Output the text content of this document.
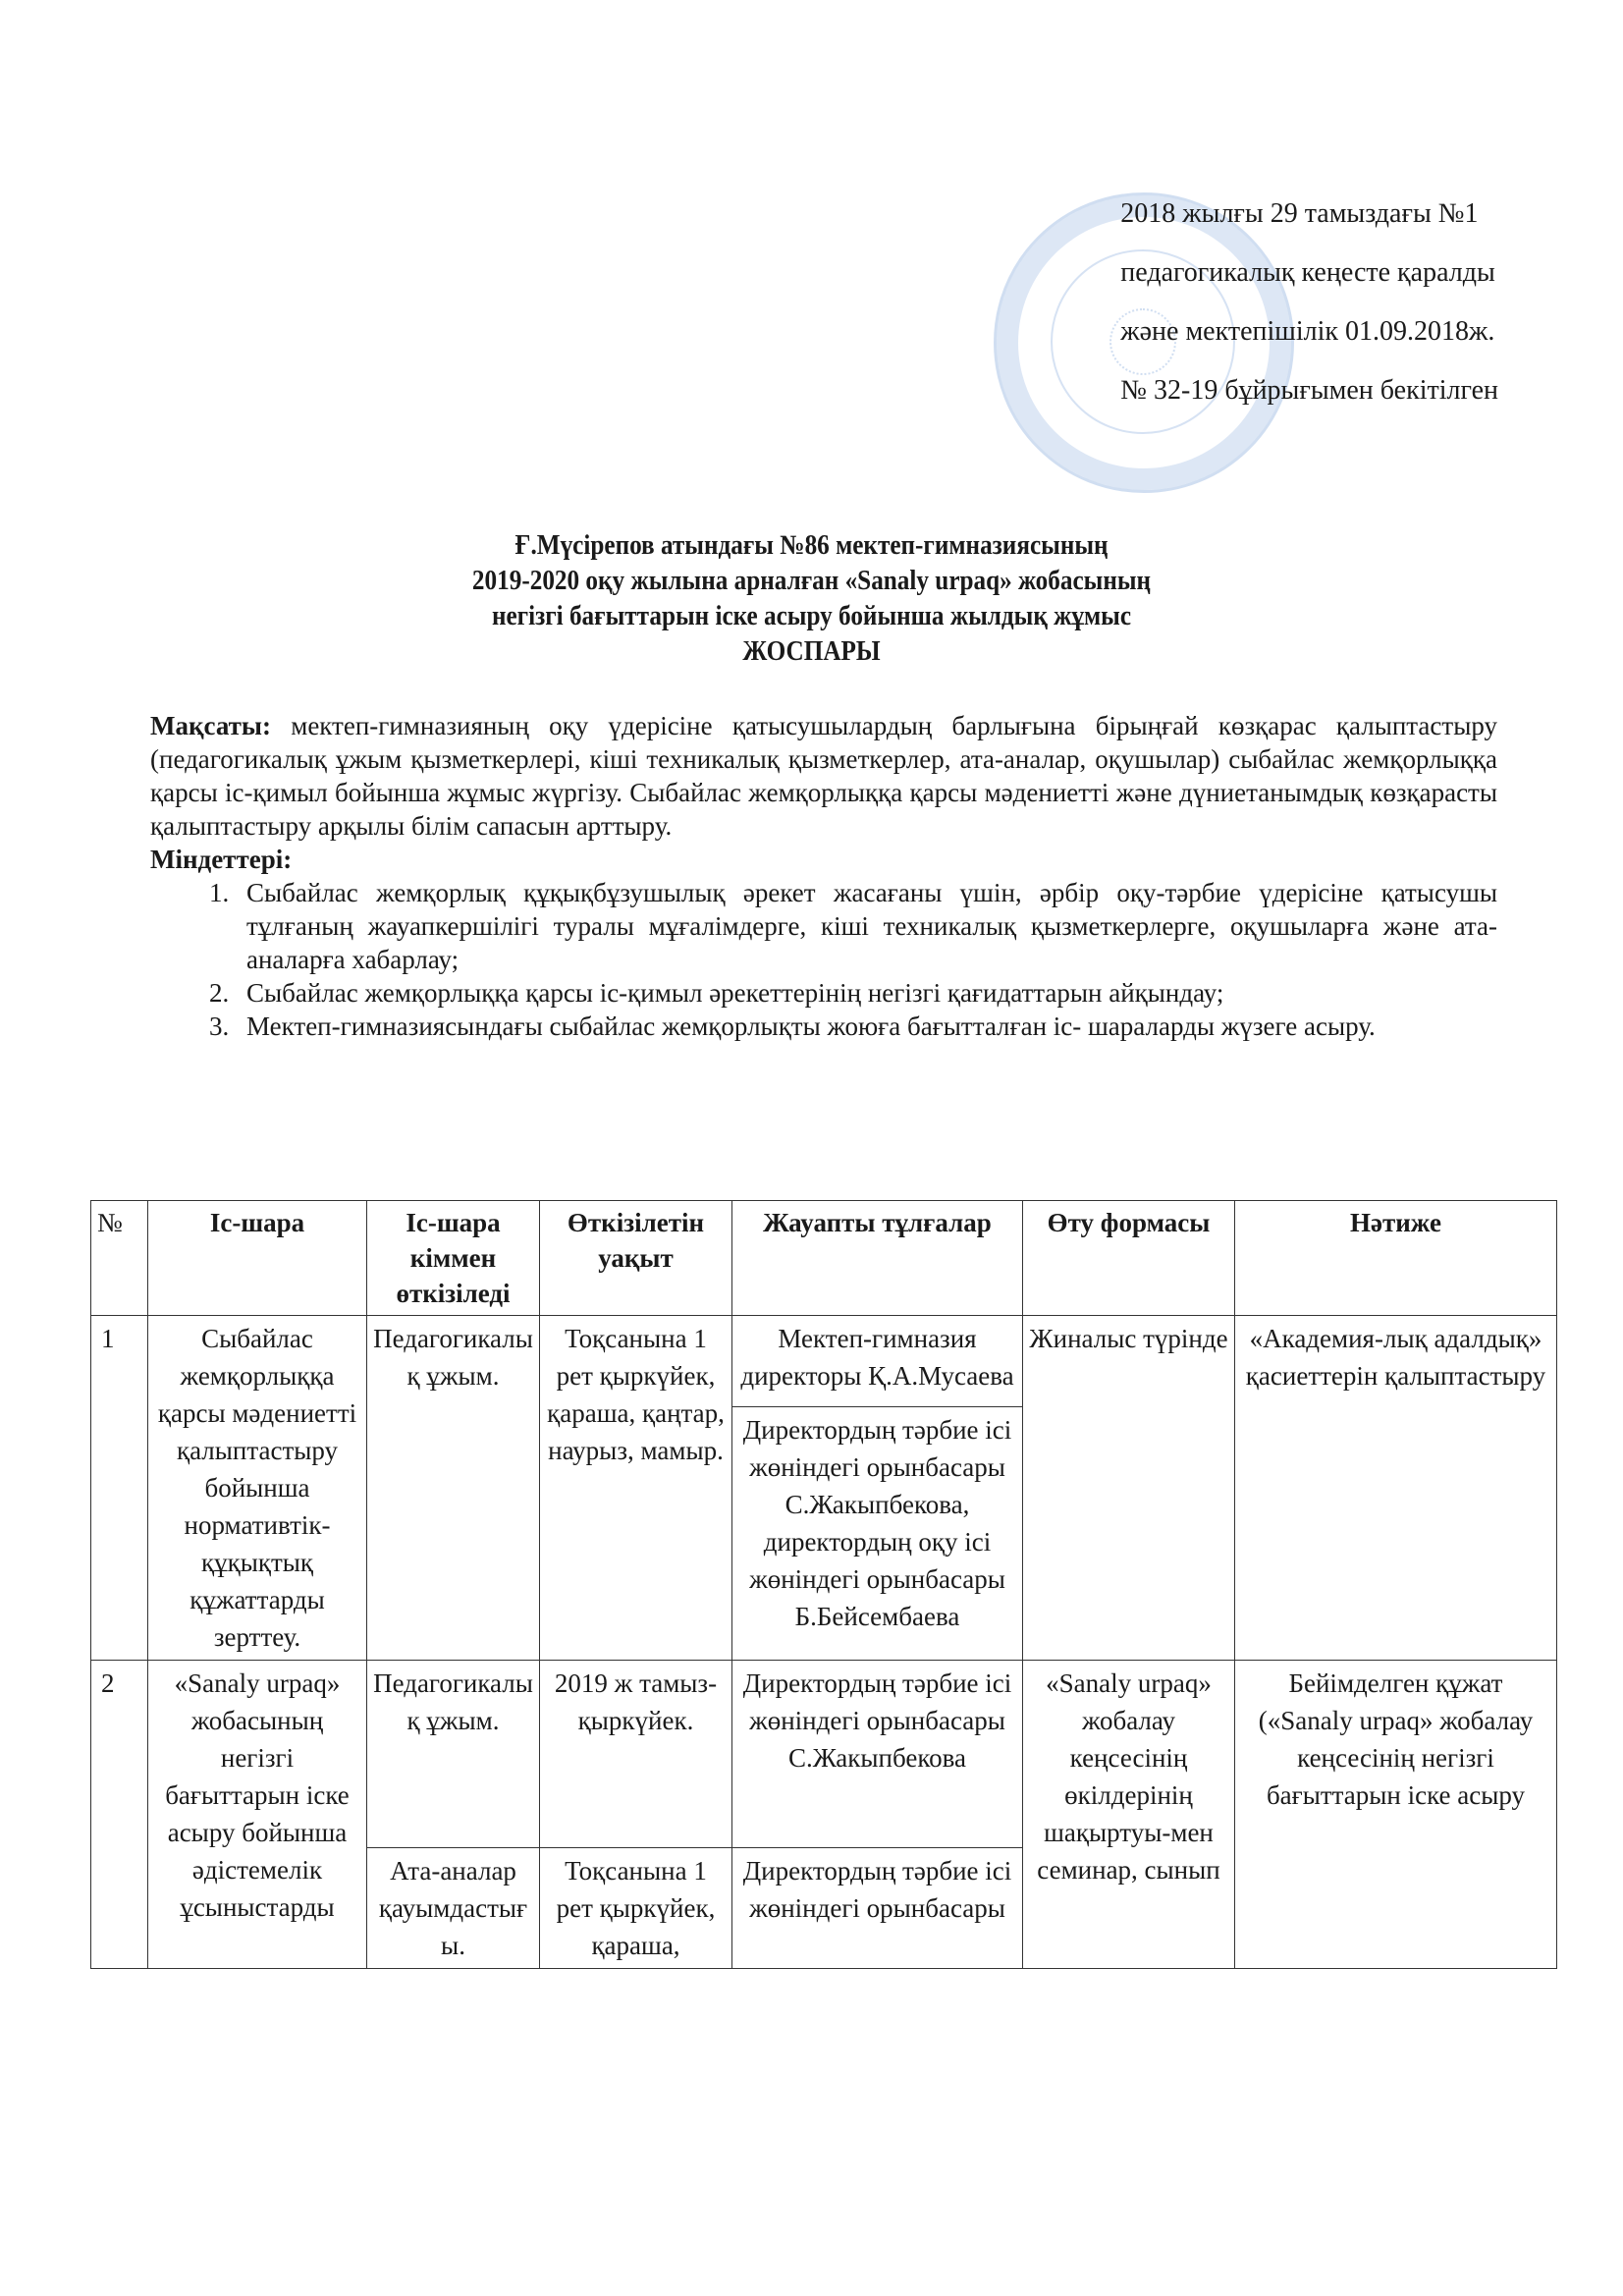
2018 жылғы 29 тамыздағы №1
педагогикалық кеңесте қаралды
және мектепішілік 01.09.2018ж.
№ 32-19 бұйрығымен бекітілген
Ғ.Мүсірепов атындағы №86 мектеп-гимназиясының
2019-2020 оқу жылына арналған «Sanaly urpaq» жобасының
негізгі бағыттарын іске асыру бойынша жылдық жұмыс
ЖОСПАРЫ

Мақсаты: мектеп-гимназияның оқу үдерісіне қатысушылардың барлығына бірыңғай көзқарас қалыптастыру (педагогикалық ұжым қызметкерлері, кіші техникалық қызметкерлер, ата-аналар, оқушылар) сыбайлас жемқорлыққа қарсы іс-қимыл бойынша жұмыс жүргізу. Сыбайлас жемқорлыққа қарсы мәдениетті және дүниетанымдық көзқарасты қалыптастыру арқылы білім сапасын арттыру.

Міндеттері:

1. Сыбайлас жемқорлық құқықбұзушылық әрекет жасағаны үшін, әрбір оқу-тәрбие үдерісіне қатысушы тұлғаның жауапкершілігі туралы мұғалімдерге, кіші техникалық қызметкерлерге, оқушыларға және ата-аналарға хабарлау;
2. Сыбайлас жемқорлыққа қарсы іс-қимыл әрекеттерінің негізгі қағидаттарын айқындау;
3. Мектеп-гимназиясындағы сыбайлас жемқорлықты жоюға бағытталған іс- шараларды жүзеге асыру.
№	Іс-шара	Іс-шара кіммен өткізіледі	Өткізілетін уақыт	Жауапты тұлғалар	Өту формасы	Нәтиже
1	Сыбайлас жемқорлыққа қарсы мәдениетті қалыптастыру бойынша нормативтік-құқықтық құжаттарды зерттеу.	Педагогикалық ұжым.	Тоқсанына 1 рет қыркүйек, қараша, қаңтар, наурыз, мамыр.	Мектеп-гимназия директоры Қ.А.Мусаева	Жиналыс түрінде	«Академия-лық адалдық» қасиеттерін қалыптастыру
				Директордың тәрбие ісі жөніндегі орынбасары С.Жакыпбекова, директордың оқу ісі жөніндегі орынбасары Б.Бейсембаева		
2	«Sanaly urpaq» жобасының негізгі бағыттарын іске асыру бойынша әдістемелік ұсыныстарды	Педагогикалық ұжым.	2019 ж тамыз-қыркүйек.	Директордың тәрбие ісі жөніндегі орынбасары С.Жакыпбекова	«Sanaly urpaq» жобалау кеңсесінің өкілдерінің шақыртуы-мен семинар, сынып	Бейімделген құжат («Sanaly urpaq» жобалау кеңсесінің негізгі бағыттарын іске асыру
		Ата-аналар қауымдастығы.	Тоқсанына 1 рет қыркүйек, қараша,	Директордың тәрбие ісі жөніндегі орынбасары		
